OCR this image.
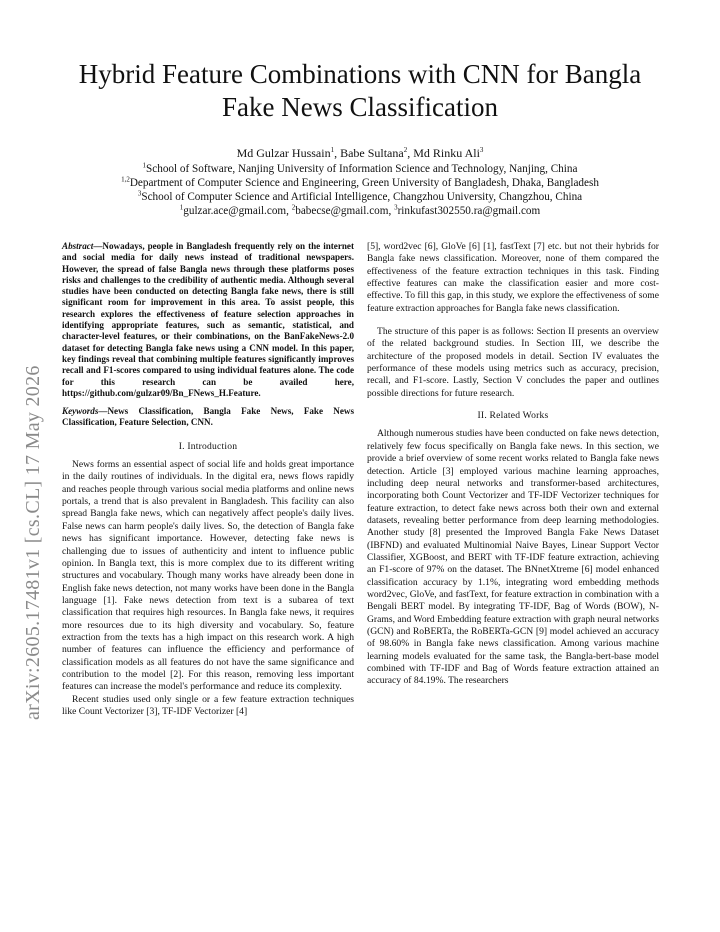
arXiv:2605.17481v1 [cs.CL] 17 May 2026
Hybrid Feature Combinations with CNN for Bangla Fake News Classification
Md Gulzar Hussain$^1$, Babe Sultana$^2$, Md Rinku Ali$^3$
$^1$School of Software, Nanjing University of Information Science and Technology, Nanjing, China
$^{1,2}$Department of Computer Science and Engineering, Green University of Bangladesh, Dhaka, Bangladesh
$^3$School of Computer Science and Artificial Intelligence, Changzhou University, Changzhou, China
$^1$gulzar.ace@gmail.com, $^2$babecse@gmail.com, $^3$rinkufast302550.ra@gmail.com
Abstract—Nowadays, people in Bangladesh frequently rely on the internet and social media for daily news instead of traditional newspapers. However, the spread of false Bangla news through these platforms poses risks and challenges to the credibility of authentic media. Although several studies have been conducted on detecting Bangla fake news, there is still significant room for improvement in this area. To assist people, this research explores the effectiveness of feature selection approaches in identifying appropriate features, such as semantic, statistical, and character-level features, or their combinations, on the BanFakeNews-2.0 dataset for detecting Bangla fake news using a CNN model. In this paper, key findings reveal that combining multiple features significantly improves recall and F1-scores compared to using individual features alone. The code for this research can be availed here, https://github.com/gulzar09/Bn_FNews_H.Feature.
Keywords—News Classification, Bangla Fake News, Fake News Classification, Feature Selection, CNN.
I. Introduction

News forms an essential aspect of social life and holds great importance in the daily routines of individuals. In the digital era, news flows rapidly and reaches people through various social media platforms and online news portals, a trend that is also prevalent in Bangladesh. This facility can also spread Bangla fake news, which can negatively affect people's daily lives. False news can harm people's daily lives. So, the detection of Bangla fake news has significant importance. However, detecting fake news is challenging due to issues of authenticity and intent to influence public opinion. In Bangla text, this is more complex due to its different writing structures and vocabulary. Though many works have already been done in English fake news detection, not many works have been done in the Bangla language [1]. Fake news detection from text is a subarea of text classification that requires high resources. In Bangla fake news, it requires more resources due to its high diversity and vocabulary. So, feature extraction from the texts has a high impact on this research work. A high number of features can influence the efficiency and performance of classification models as all features do not have the same significance and contribution to the model [2]. For this reason, removing less important features can increase the model's performance and reduce its complexity.

Recent studies used only single or a few feature extraction techniques like Count Vectorizer [3], TF-IDF Vectorizer [4]

[5], word2vec [6], GloVe [6] [1], fastText [7] etc. but not their hybrids for Bangla fake news classification. Moreover, none of them compared the effectiveness of the feature extraction techniques in this task. Finding effective features can make the classification easier and more cost-effective. To fill this gap, in this study, we explore the effectiveness of some feature extraction approaches for Bangla fake news classification.

The structure of this paper is as follows: Section II presents an overview of the related background studies. In Section III, we describe the architecture of the proposed models in detail. Section IV evaluates the performance of these models using metrics such as accuracy, precision, recall, and F1-score. Lastly, Section V concludes the paper and outlines possible directions for future research.

II. Related Works

Although numerous studies have been conducted on fake news detection, relatively few focus specifically on Bangla fake news. In this section, we provide a brief overview of some recent works related to Bangla fake news detection. Article [3] employed various machine learning approaches, including deep neural networks and transformer-based architectures, incorporating both Count Vectorizer and TF-IDF Vectorizer techniques for feature extraction, to detect fake news across both their own and external datasets, revealing better performance from deep learning methodologies. Another study [8] presented the Improved Bangla Fake News Dataset (IBFND) and evaluated Multinomial Naive Bayes, Linear Support Vector Classifier, XGBoost, and BERT with TF-IDF feature extraction, achieving an F1-score of 97% on the dataset. The BNnetXtreme [6] model enhanced classification accuracy by 1.1%, integrating word embedding methods word2vec, GloVe, and fastText, for feature extraction in combination with a Bengali BERT model. By integrating TF-IDF, Bag of Words (BOW), N-Grams, and Word Embedding feature extraction with graph neural networks (GCN) and RoBERTa, the RoBERTa-GCN [9] model achieved an accuracy of 98.60% in Bangla fake news classification. Among various machine learning models evaluated for the same task, the Bangla-bert-base model combined with TF-IDF and Bag of Words feature extraction attained an accuracy of 84.19%. The researchers
